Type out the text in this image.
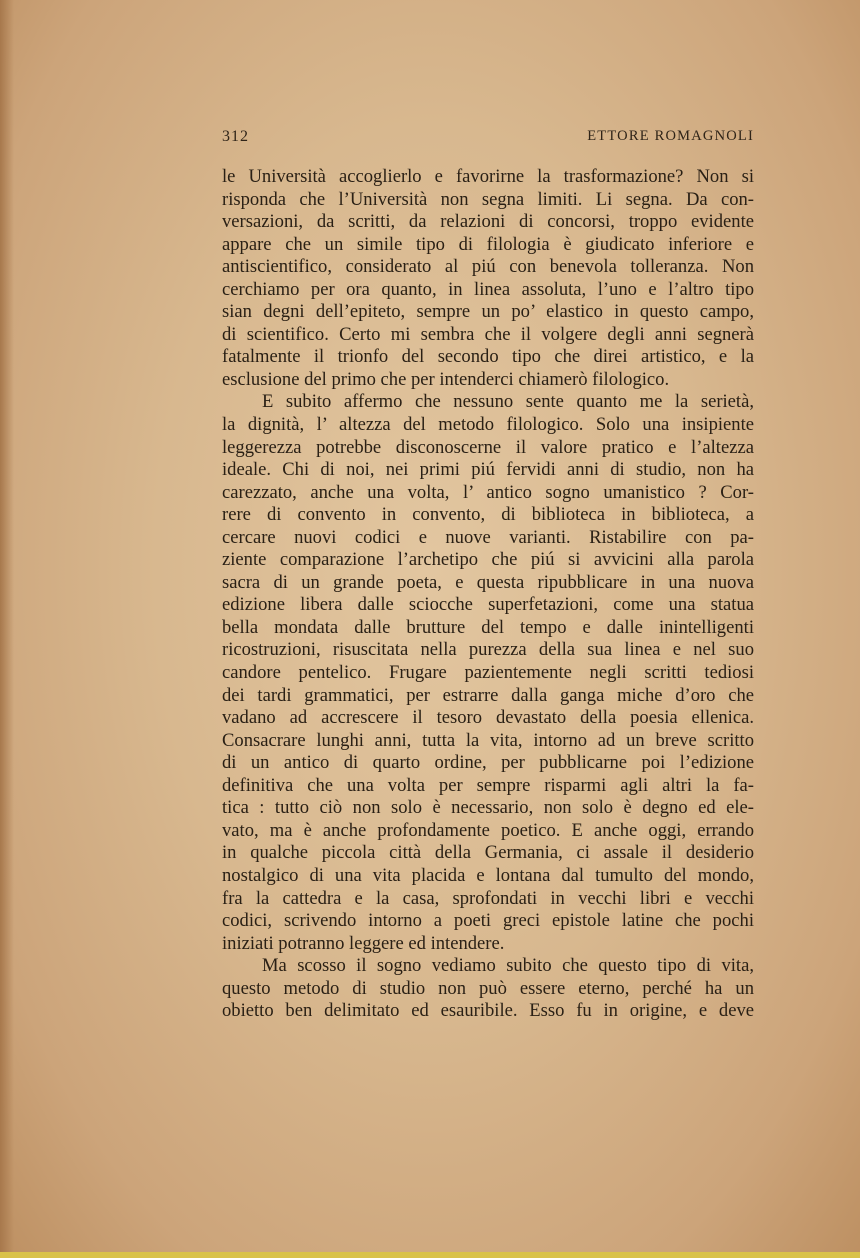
312	ETTORE ROMAGNOLI
le Università accoglierlo e favorirne la trasformazione? Non si
risponda che l’Università non segna limiti. Li segna. Da con-
versazioni, da scritti, da relazioni di concorsi, troppo evidente
appare che un simile tipo di filologia è giudicato inferiore e
antiscientifico, considerato al piú con benevola tolleranza. Non
cerchiamo per ora quanto, in linea assoluta, l’uno e l’altro tipo
sian degni dell’epiteto, sempre un po’ elastico in questo campo,
di scientifico. Certo mi sembra che il volgere degli anni segnerà
fatalmente il trionfo del secondo tipo che direi artistico, e la
esclusione del primo che per intenderci chiamerò filologico.
E subito affermo che nessuno sente quanto me la serietà,
la dignità, l’ altezza del metodo filologico. Solo una insipiente
leggerezza potrebbe disconoscerne il valore pratico e l’altezza
ideale. Chi di noi, nei primi piú fervidi anni di studio, non ha
carezzato, anche una volta, l’ antico sogno umanistico ? Cor-
rere di convento in convento, di biblioteca in biblioteca, a
cercare nuovi codici e nuove varianti. Ristabilire con pa-
ziente comparazione l’archetipo che piú si avvicini alla parola
sacra di un grande poeta, e questa ripubblicare in una nuova
edizione libera dalle sciocche superfetazioni, come una statua
bella mondata dalle brutture del tempo e dalle inintelligenti
ricostruzioni, risuscitata nella purezza della sua linea e nel suo
candore pentelico. Frugare pazientemente negli scritti tediosi
dei tardi grammatici, per estrarre dalla ganga miche d’oro che
vadano ad accrescere il tesoro devastato della poesia ellenica.
Consacrare lunghi anni, tutta la vita, intorno ad un breve scritto
di un antico di quarto ordine, per pubblicarne poi l’edizione
definitiva che una volta per sempre risparmi agli altri la fa-
tica : tutto ciò non solo è necessario, non solo è degno ed ele-
vato, ma è anche profondamente poetico. E anche oggi, errando
in qualche piccola città della Germania, ci assale il desiderio
nostalgico di una vita placida e lontana dal tumulto del mondo,
fra la cattedra e la casa, sprofondati in vecchi libri e vecchi
codici, scrivendo intorno a poeti greci epistole latine che pochi
iniziati potranno leggere ed intendere.
Ma scosso il sogno vediamo subito che questo tipo di vita,
questo metodo di studio non può essere eterno, perché ha un
obietto ben delimitato ed esauribile. Esso fu in origine, e deve
